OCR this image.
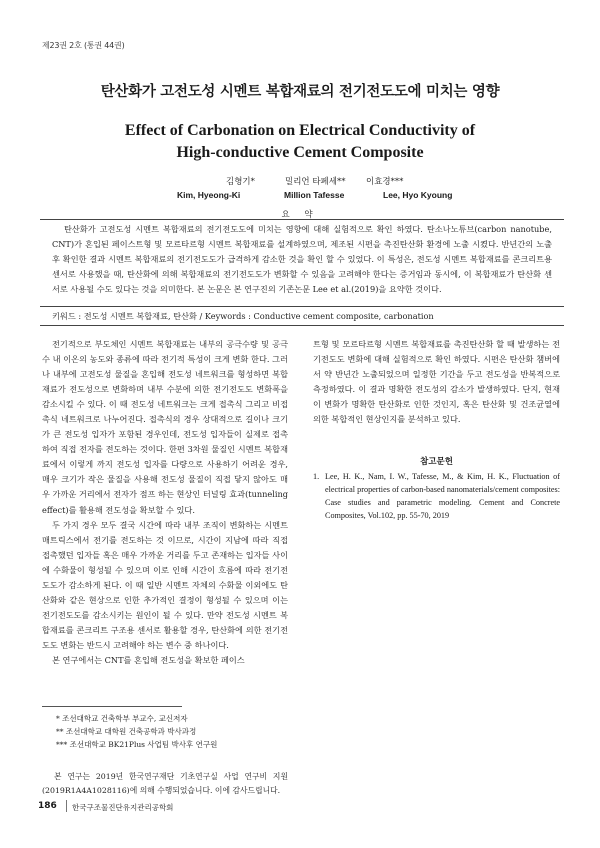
제23권 2호 (통권 44권)
탄산화가 고전도성 시멘트 복합재료의 전기전도도에 미치는 영향
Effect of Carbonation on Electrical Conductivity of
High-conductive Cement Composite
김형기*	밀리언 타페세** 이효경***
Kim, Hyeong-Ki	Million Tafesse	Lee, Hyo Kyoung
요 약
탄산화가 고전도성 시멘트 복합재료의 전기전도도에 미치는 영향에 대해 실험적으로 확인 하였다. 탄소나노튜브(carbon nanotube, CNT)가 혼입된 페이스트형 및 모르타르형 시멘트 복합재료를 설계하였으며, 제조된 시편을 촉진탄산화 환경에 노출 시켰다. 반년간의 노출 후 확인한 결과 시멘트 복합재료의 전기전도도가 급격하게 감소한 것을 확인 할 수 있었다. 이 특성은, 전도성 시멘트 복합재료를 콘크리트용 센서로 사용했을 때, 탄산화에 의해 복합재료의 전기전도도가 변화할 수 있음을 고려해야 한다는 증거임과 동시에, 이 복합재료가 탄산화 센서로 사용될 수도 있다는 것을 의미한다. 본 논문은 본 연구진의 기존논문 Lee et al.(2019)을 요약한 것이다.
키워드 : 전도성 시멘트 복합재료, 탄산화 / Keywords : Conductive cement composite, carbonation

전기적으로 부도체인 시멘트 복합재료는 내부의 공극수량 및 공극수 내 이온의 농도와 종류에 따라 전기적 특성이 크게 변화 한다. 그러나 내부에 고전도성 물질을 혼입해 전도성 네트워크를 형성하면 복합재료가 전도성으로 변화하며 내부 수분에 의한 전기전도도 변화폭을 감소시킬 수 있다. 이 때 전도성 네트워크는 크게 접촉식 그리고 비접촉식 네트워크로 나누어진다. 접촉식의 경우 상대적으로 길이나 크기가 큰 전도성 입자가 포함된 경우인데, 전도성 입자들이 실제로 접촉하여 직접 전자를 전도하는 것이다. 한편 3차원 물질인 시멘트 복합재료에서 이렇게 까지 전도성 입자를 다량으로 사용하기 어려운 경우, 매우 크기가 작은 물질을 사용해 전도성 물질이 직접 닿지 않아도 매우 가까운 거리에서 전자가 점프 하는 현상인 터널링 효과(tunneling effect)를 활용해 전도성을 확보할 수 있다.

두 가지 경우 모두 결국 시간에 따라 내부 조직이 변화하는 시멘트 매트릭스에서 전기를 전도하는 것 이므로, 시간이 지남에 따라 직접 접촉했던 입자들 혹은 매우 가까운 거리를 두고 존재하는 입자들 사이에 수화물이 형성될 수 있으며 이로 인해 시간이 흐름에 따라 전기전도도가 감소하게 된다. 이 때 일반 시멘트 자체의 수화물 이외에도 탄산화와 같은 현상으로 인한 추가적인 결정이 형성될 수 있으며 이는 전기전도도를 감소시키는 원인이 될 수 있다. 만약 전도성 시멘트 복합재료를 콘크리트 구조용 센서로 활용할 경우, 탄산화에 의한 전기전도도 변화는 반드시 고려해야 하는 변수 중 하나이다.

본 연구에서는 CNT를 혼입해 전도성을 확보한 페이스

트형 및 모르타르형 시멘트 복합재료를 촉진탄산화 할 때 발생하는 전기전도도 변화에 대해 실험적으로 확인 하였다. 시편은 탄산화 챔버에서 약 반년간 노출되었으며 일정한 기간을 두고 전도성을 반복적으로 측정하였다. 이 결과 명확한 전도성의 감소가 발생하였다. 단지, 현재 이 변화가 명확한 탄산화로 인한 것인지, 혹은 탄산화 및 건조균열에 의한 복합적인 현상인지를 분석하고 있다.

참고문헌
1. Lee, H. K., Nam, I. W., Tafesse, M., & Kim, H. K., Fluctuation of electrical properties of carbon-based nanomaterials/cement composites: Case studies and parametric modeling. Cement and Concrete Composites, Vol.102, pp. 55-70, 2019
* 조선대학교 건축학부 부교수, 교신저자
** 조선대학교 대학원 건축공학과 박사과정
*** 조선대학교 BK21Plus 사업팀 박사후 연구원

본 연구는 2019년 한국연구재단 기초연구실 사업 연구비 지원(2019R1A4A1028116)에 의해 수행되었습니다. 이에 감사드립니다.

186 한국구조물진단유지관리공학회
